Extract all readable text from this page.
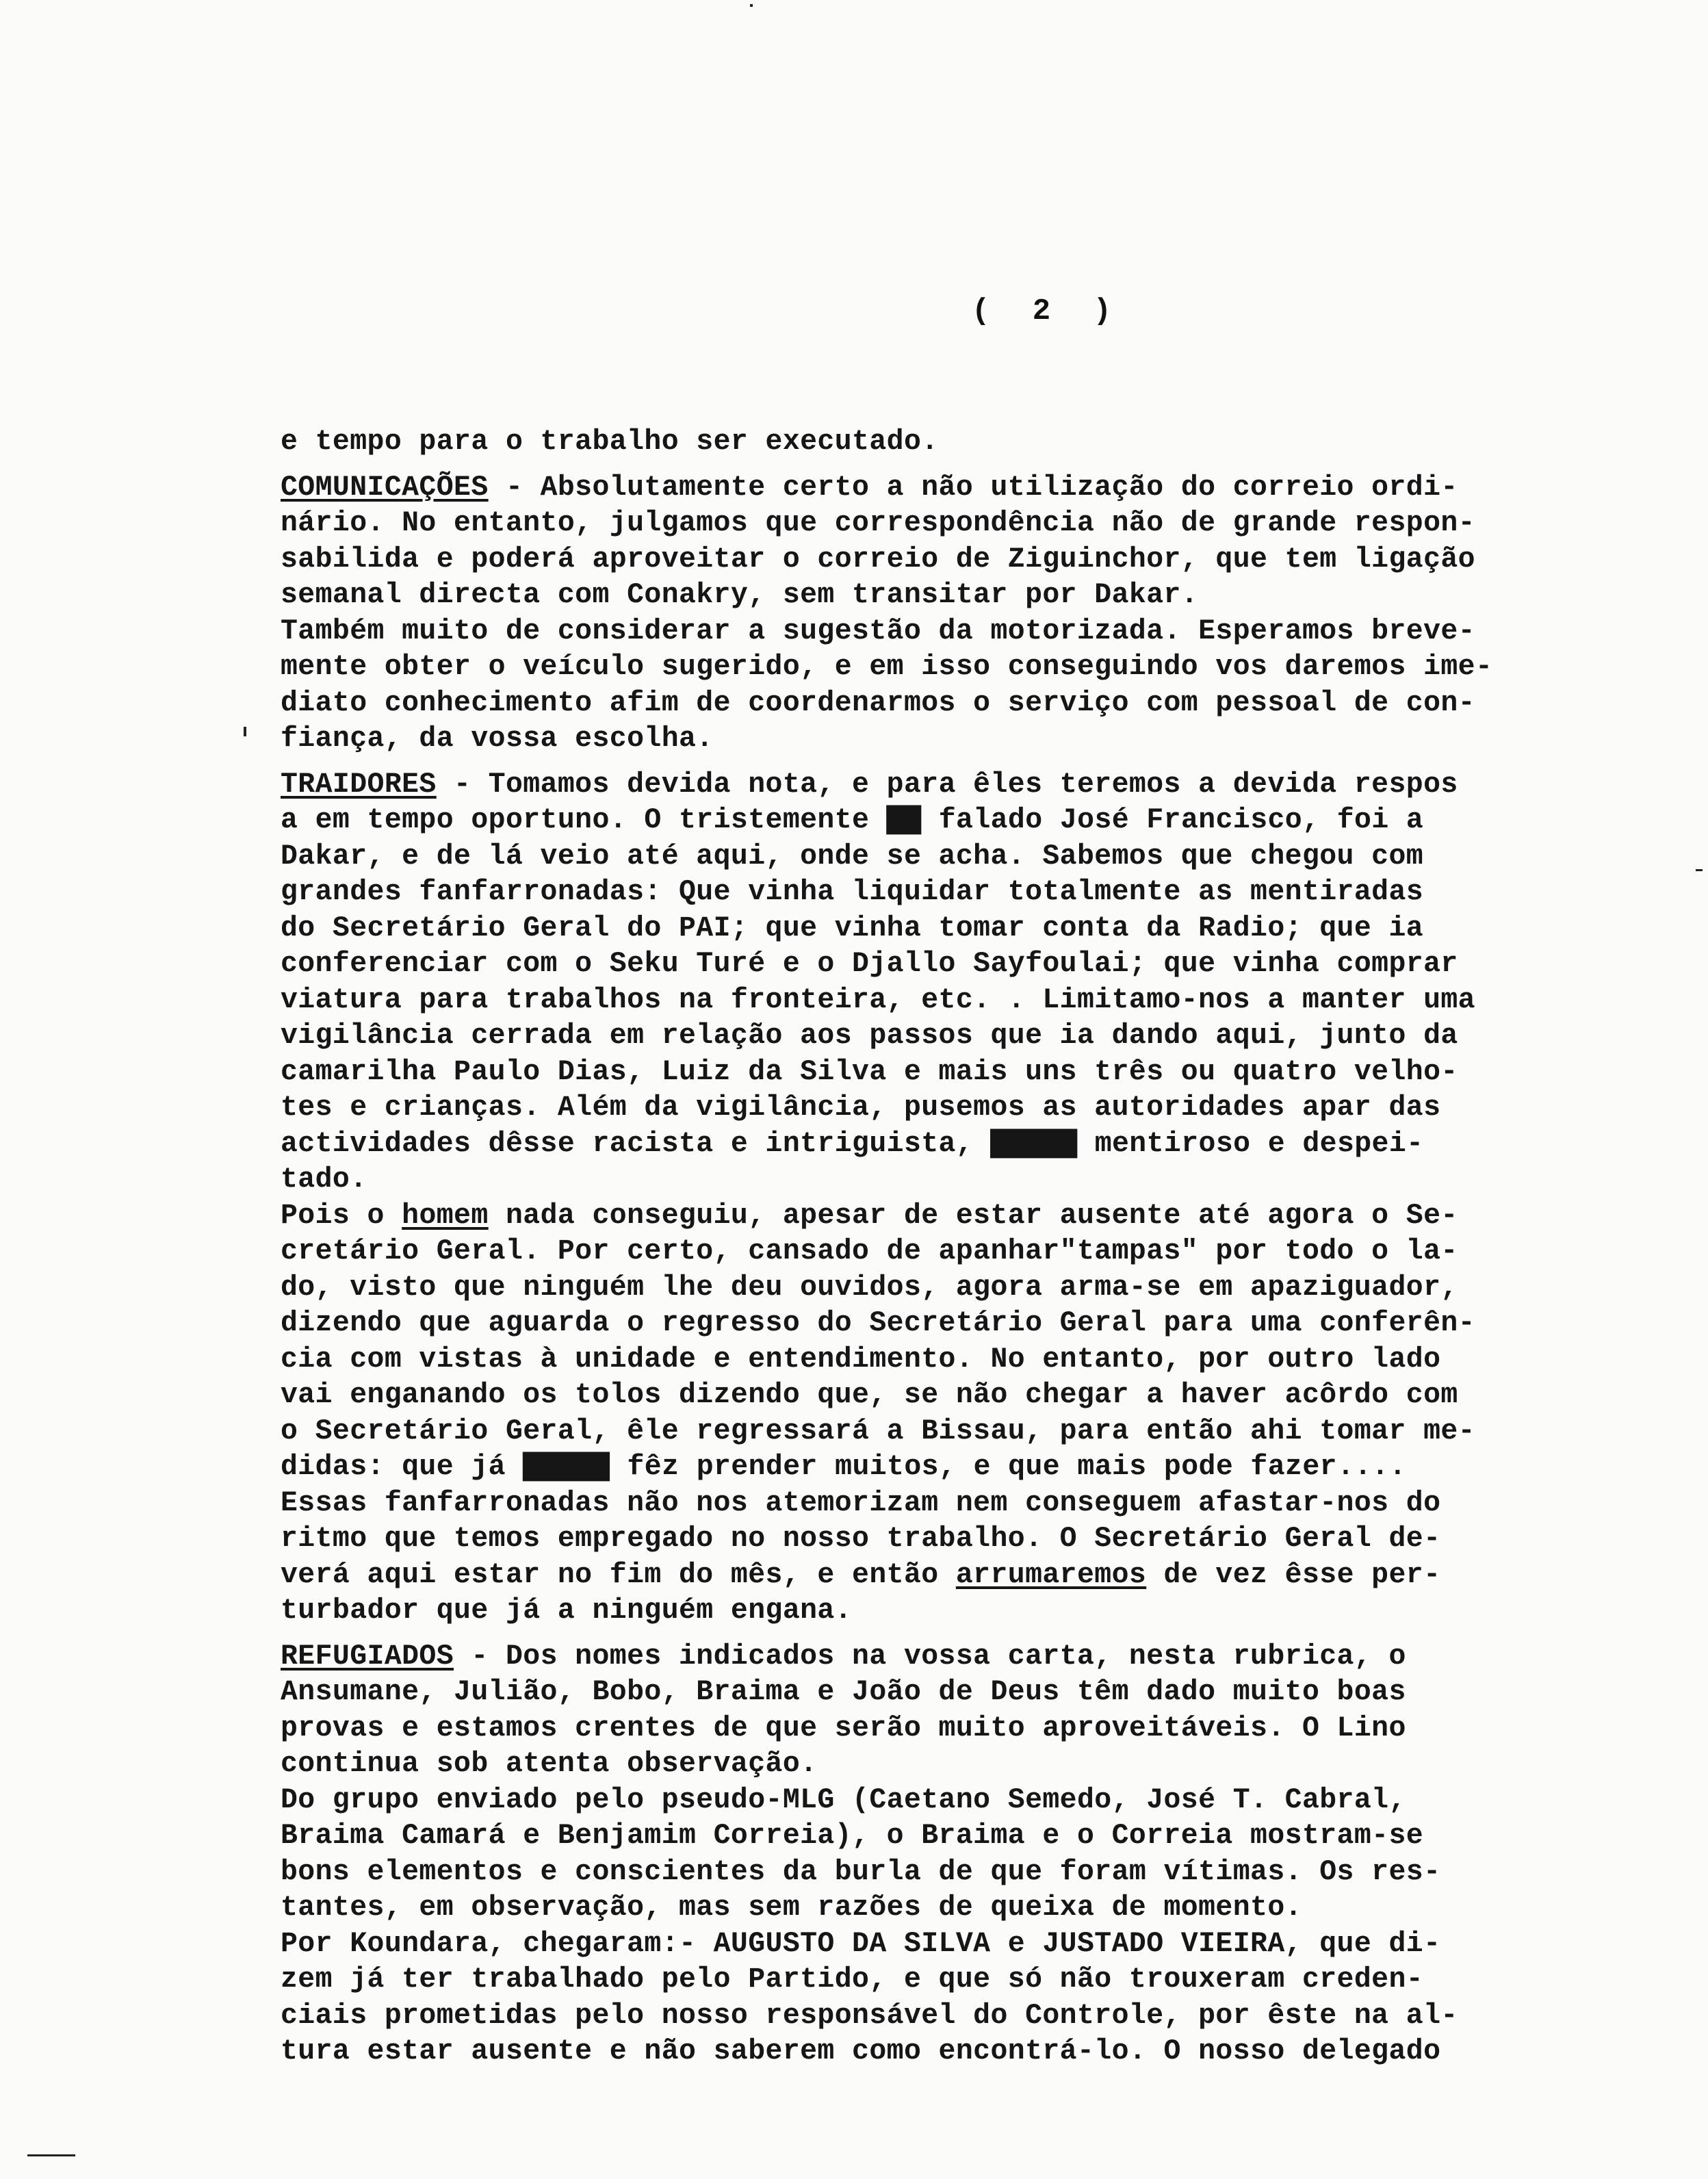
( 2 )
e tempo para o trabalho ser executado.
COMUNICAÇÕES - Absolutamente certo a não utilização do correio ordi-
nário. No entanto, julgamos que correspondência não de grande respon-
sabilida e poderá aproveitar o correio de Ziguinchor, que tem ligação
semanal directa com Conakry, sem transitar por Dakar.
Também muito de considerar a sugestão da motorizada. Esperamos breve-
mente obter o veículo sugerido, e em isso conseguindo vos daremos ime-
diato conhecimento afim de coordenarmos o serviço com pessoal de con-
fiança, da vossa escolha.
TRAIDORES - Tomamos devida nota, e para êles teremos a devida respos
a em tempo oportuno. O tristemente ▇▇ falado José Francisco, foi a
Dakar, e de lá veio até aqui, onde se acha. Sabemos que chegou com
grandes fanfarronadas: Que vinha liquidar totalmente as mentiradas
do Secretário Geral do PAI; que vinha tomar conta da Radio; que ia
conferenciar com o Seku Turé e o Djallo Sayfoulai; que vinha comprar
viatura para trabalhos na fronteira, etc. . Limitamo-nos a manter uma
vigilância cerrada em relação aos passos que ia dando aqui, junto da
camarilha Paulo Dias, Luiz da Silva e mais uns três ou quatro velho-
tes e crianças. Além da vigilância, pusemos as autoridades apar das
actividades dêsse racista e intriguista, ▇▇▇▇▇ mentiroso e despei-
tado.
Pois o homem nada conseguiu, apesar de estar ausente até agora o Se-
cretário Geral. Por certo, cansado de apanhar"tampas" por todo o la-
do, visto que ninguém lhe deu ouvidos, agora arma-se em apaziguador,
dizendo que aguarda o regresso do Secretário Geral para uma conferên-
cia com vistas à unidade e entendimento. No entanto, por outro lado
vai enganando os tolos dizendo que, se não chegar a haver acôrdo com
o Secretário Geral, êle regressará a Bissau, para então ahi tomar me-
didas: que já ▇▇▇▇▇ fêz prender muitos, e que mais pode fazer....
Essas fanfarronadas não nos atemorizam nem conseguem afastar-nos do
ritmo que temos empregado no nosso trabalho. O Secretário Geral de-
verá aqui estar no fim do mês, e então arrumaremos de vez êsse per-
turbador que já a ninguém engana.
REFUGIADOS - Dos nomes indicados na vossa carta, nesta rubrica, o
Ansumane, Julião, Bobo, Braima e João de Deus têm dado muito boas
provas e estamos crentes de que serão muito aproveitáveis. O Lino
continua sob atenta observação.
Do grupo enviado pelo pseudo-MLG (Caetano Semedo, José T. Cabral,
Braima Camará e Benjamim Correia), o Braima e o Correia mostram-se
bons elementos e conscientes da burla de que foram vítimas. Os res-
tantes, em observação, mas sem razões de queixa de momento.
Por Koundara, chegaram:- AUGUSTO DA SILVA e JUSTADO VIEIRA, que di-
zem já ter trabalhado pelo Partido, e que só não trouxeram creden-
ciais prometidas pelo nosso responsável do Controle, por êste na al-
tura estar ausente e não saberem como encontrá-lo. O nosso delegado
